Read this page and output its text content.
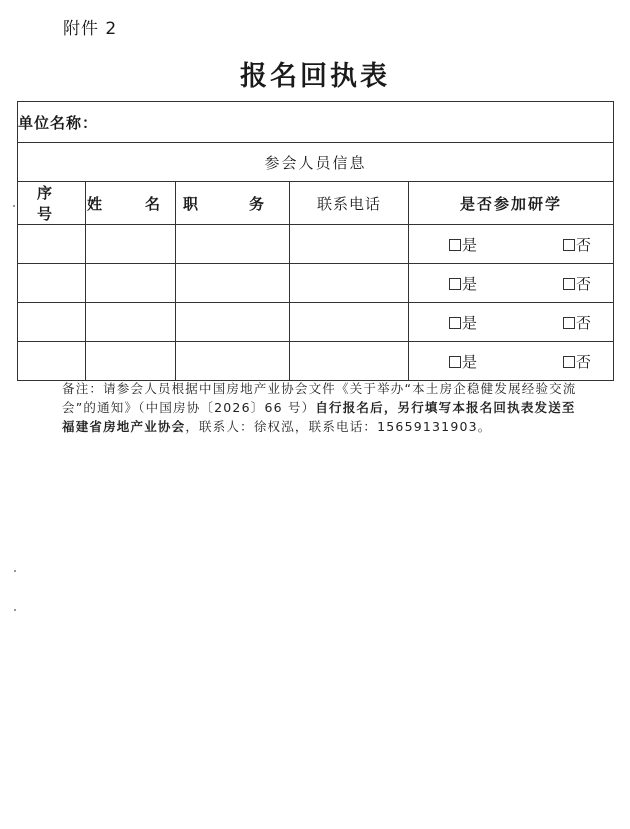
附件 2
报名回执表
单位名称：				
参会人员信息				
序　号	姓　名	职　务	联系电话	是否参加研学

				是 否

				是 否

				是 否

				是 否
备注：请参会人员根据中国房地产业协会文件《关于举办“本土房企稳健发展经验交流会”的通知》（中国房协〔2026〕66 号）自行报名后，另行填写本报名回执表发送至福建省房地产业协会，联系人：徐权泓，联系电话：15659131903。
